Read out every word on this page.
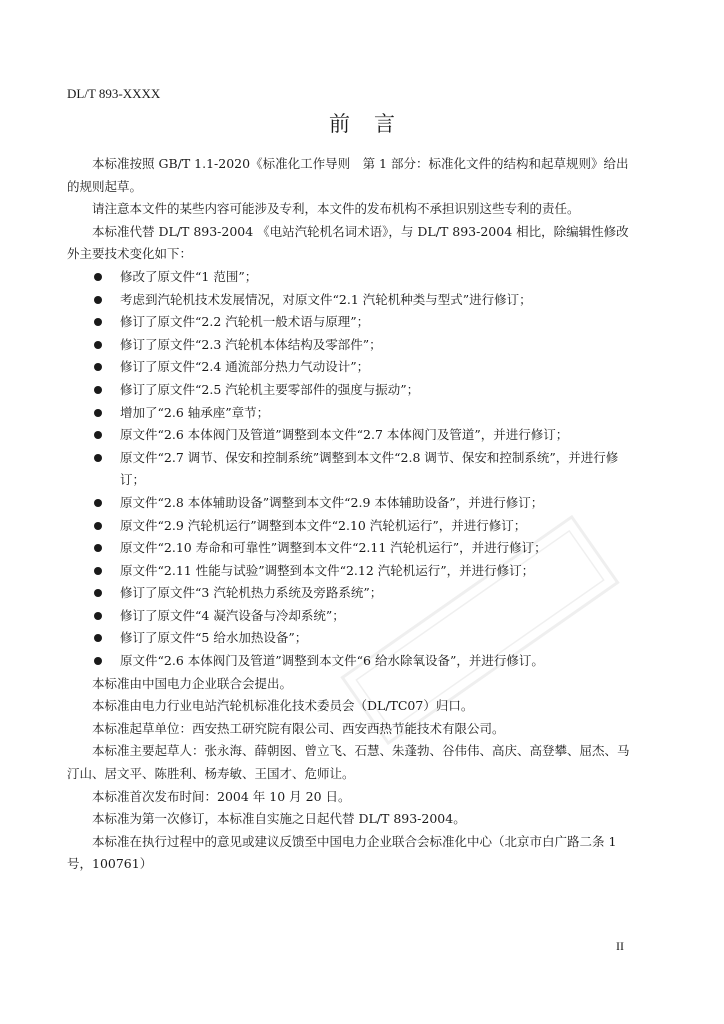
DL/T 893-XXXX
前言

本标准按照 GB/T 1.1-2020《标准化工作导则　第 1 部分：标准化文件的结构和起草规则》给出的规则起草。

请注意本文件的某些内容可能涉及专利，本文件的发布机构不承担识别这些专利的责任。

本标准代替 DL/T 893-2004 《电站汽轮机名词术语》，与 DL/T 893-2004 相比，除编辑性修改外主要技术变化如下：

修改了原文件“1 范围”；
考虑到汽轮机技术发展情况，对原文件“2.1 汽轮机种类与型式”进行修订；
修订了原文件“2.2 汽轮机一般术语与原理”；
修订了原文件“2.3 汽轮机本体结构及零部件”；
修订了原文件“2.4 通流部分热力气动设计”；
修订了原文件“2.5 汽轮机主要零部件的强度与振动”；
增加了“2.6 轴承座”章节；
原文件“2.6 本体阀门及管道”调整到本文件“2.7 本体阀门及管道”，并进行修订；
原文件“2.7 调节、保安和控制系统”调整到本文件“2.8 调节、保安和控制系统”，并进行修订；
原文件“2.8 本体辅助设备”调整到本文件“2.9 本体辅助设备”，并进行修订；
原文件“2.9 汽轮机运行”调整到本文件“2.10 汽轮机运行”，并进行修订；
原文件“2.10 寿命和可靠性”调整到本文件“2.11 汽轮机运行”，并进行修订；
原文件“2.11 性能与试验”调整到本文件“2.12 汽轮机运行”，并进行修订；
修订了原文件“3 汽轮机热力系统及旁路系统”；
修订了原文件“4 凝汽设备与冷却系统”；
修订了原文件“5 给水加热设备”；
原文件“2.6 本体阀门及管道”调整到本文件“6 给水除氧设备”，并进行修订。

本标准由中国电力企业联合会提出。

本标准由电力行业电站汽轮机标准化技术委员会（DL/TC07）归口。

本标准起草单位：西安热工研究院有限公司、西安西热节能技术有限公司。

本标准主要起草人：张永海、薛朝囡、曾立飞、石慧、朱蓬勃、谷伟伟、高庆、高登攀、屈杰、马汀山、居文平、陈胜利、杨寿敏、王国才、危师让。

本标准首次发布时间：2004 年 10 月 20 日。

本标准为第一次修订，本标准自实施之日起代替 DL/T 893-2004。

本标准在执行过程中的意见或建议反馈至中国电力企业联合会标准化中心（北京市白广路二条 1 号，100761）

II
